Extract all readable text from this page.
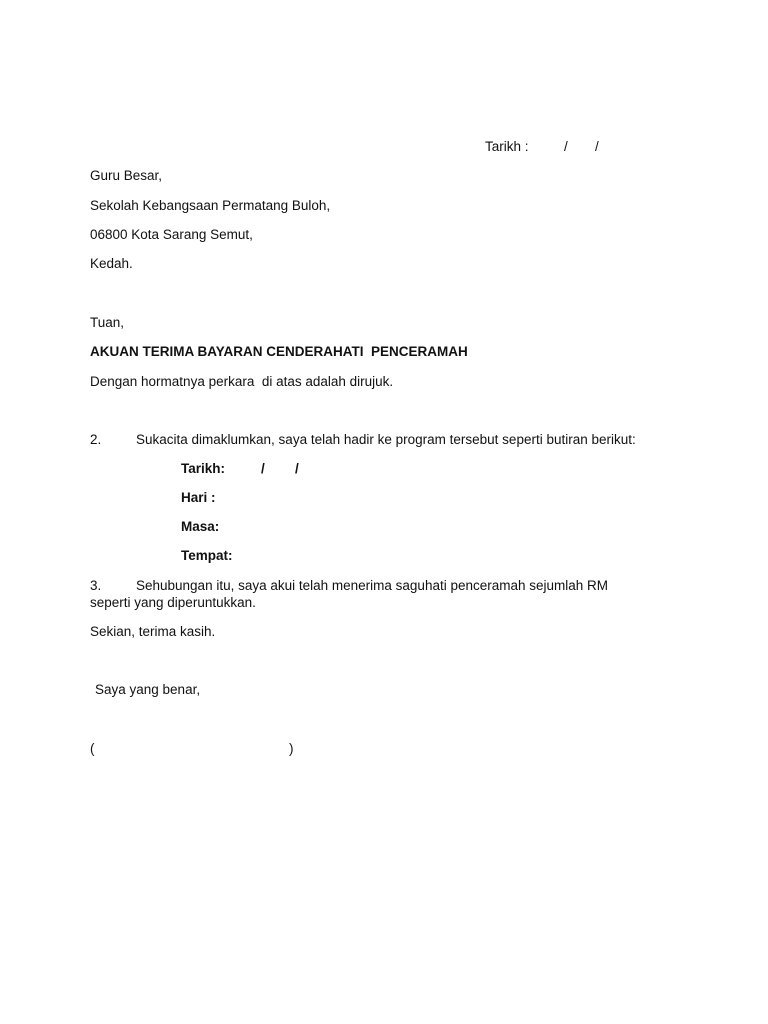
Tarikh :	/ /
Guru Besar,
Sekolah Kebangsaan Permatang Buloh,
06800 Kota Sarang Semut,
Kedah.
Tuan,
AKUAN TERIMA BAYARAN CENDERAHATI  PENCERAMAH
Dengan hormatnya perkara  di atas adalah dirujuk.
2.	Sukacita dimaklumkan, saya telah hadir ke program tersebut seperti butiran berikut:
Tarikh:	/ /
Hari :
Masa:
Tempat:
3.	Sehubungan itu, saya akui telah menerima saguhati penceramah sejumlah RM
seperti yang diperuntukkan.
Sekian, terima kasih.
Saya yang benar,
(	)
